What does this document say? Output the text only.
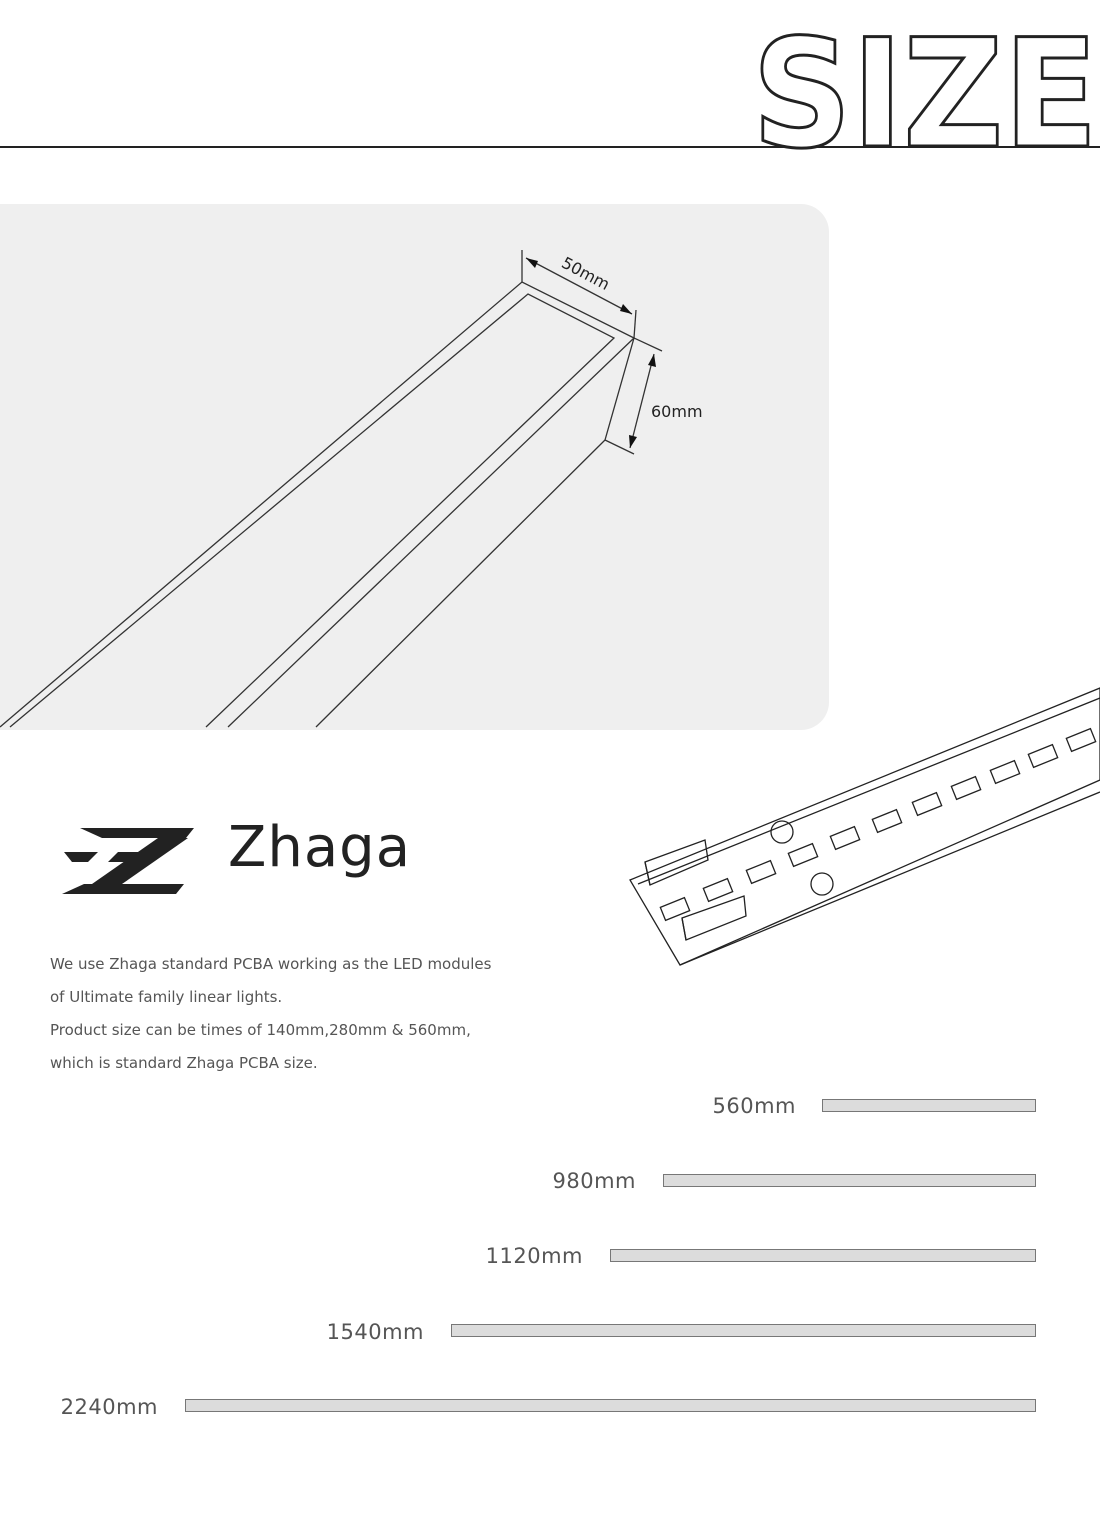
SIZE
50mm
60mm
Zhaga

We use Zhaga standard PCBA working as the LED modules

of Ultimate family linear lights.

Product size can be times of 140mm,280mm & 560mm,

which is standard Zhaga PCBA size.

560mm
980mm
1120mm
1540mm
2240mm
